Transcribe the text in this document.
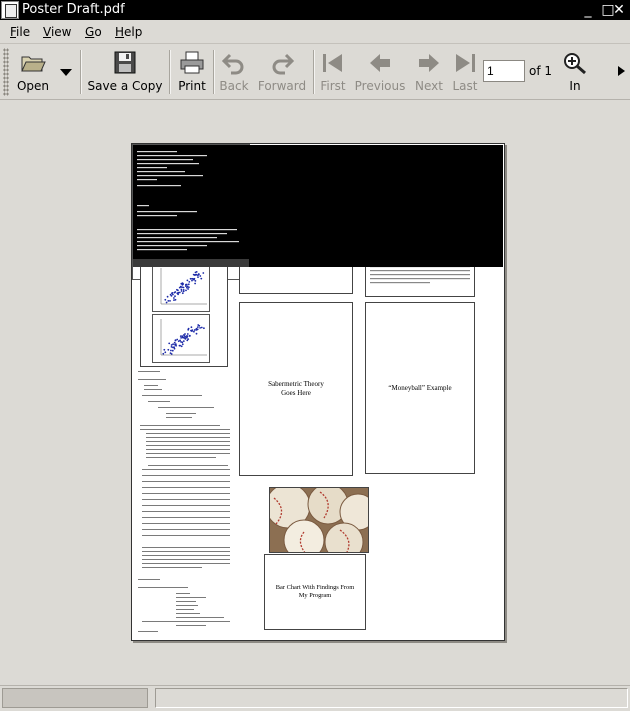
Poster Draft.pdf	_ □
✕
File View Go Help
Open	Save a Copy	Print	Back Forward	First Previous Next Last	In
1
of 1
Sabermetric Theory
Goes Here
“Moneyball” Example
Bar Chart With Findings From
My Program
